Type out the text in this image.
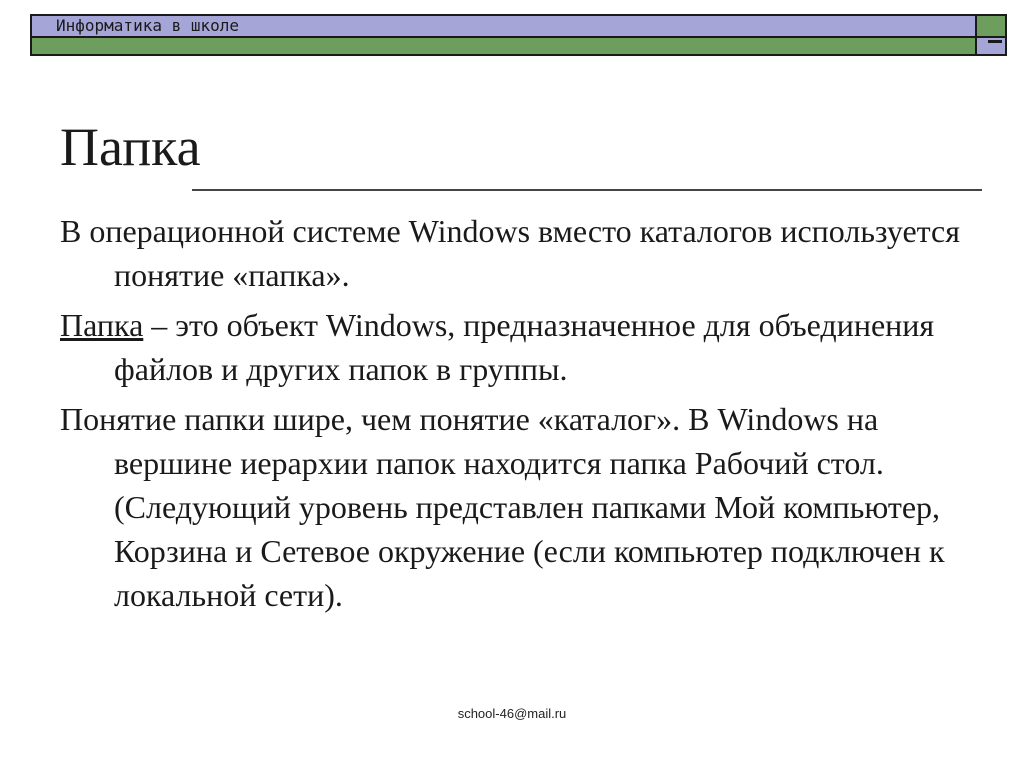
Информатика в школе
Папка

В операционной системе Windows вместо каталогов используется понятие «папка».

Папка – это объект Windows, предназначенное для объединения файлов и других папок в группы.

Понятие папки шире, чем понятие «каталог». В Windows на вершине иерархии папок находится папка Рабочий стол. (Следующий уровень представлен папками Мой компьютер, Корзина и Сетевое окружение (если компьютер подключен к локальной сети).

school-46@mail.ru
